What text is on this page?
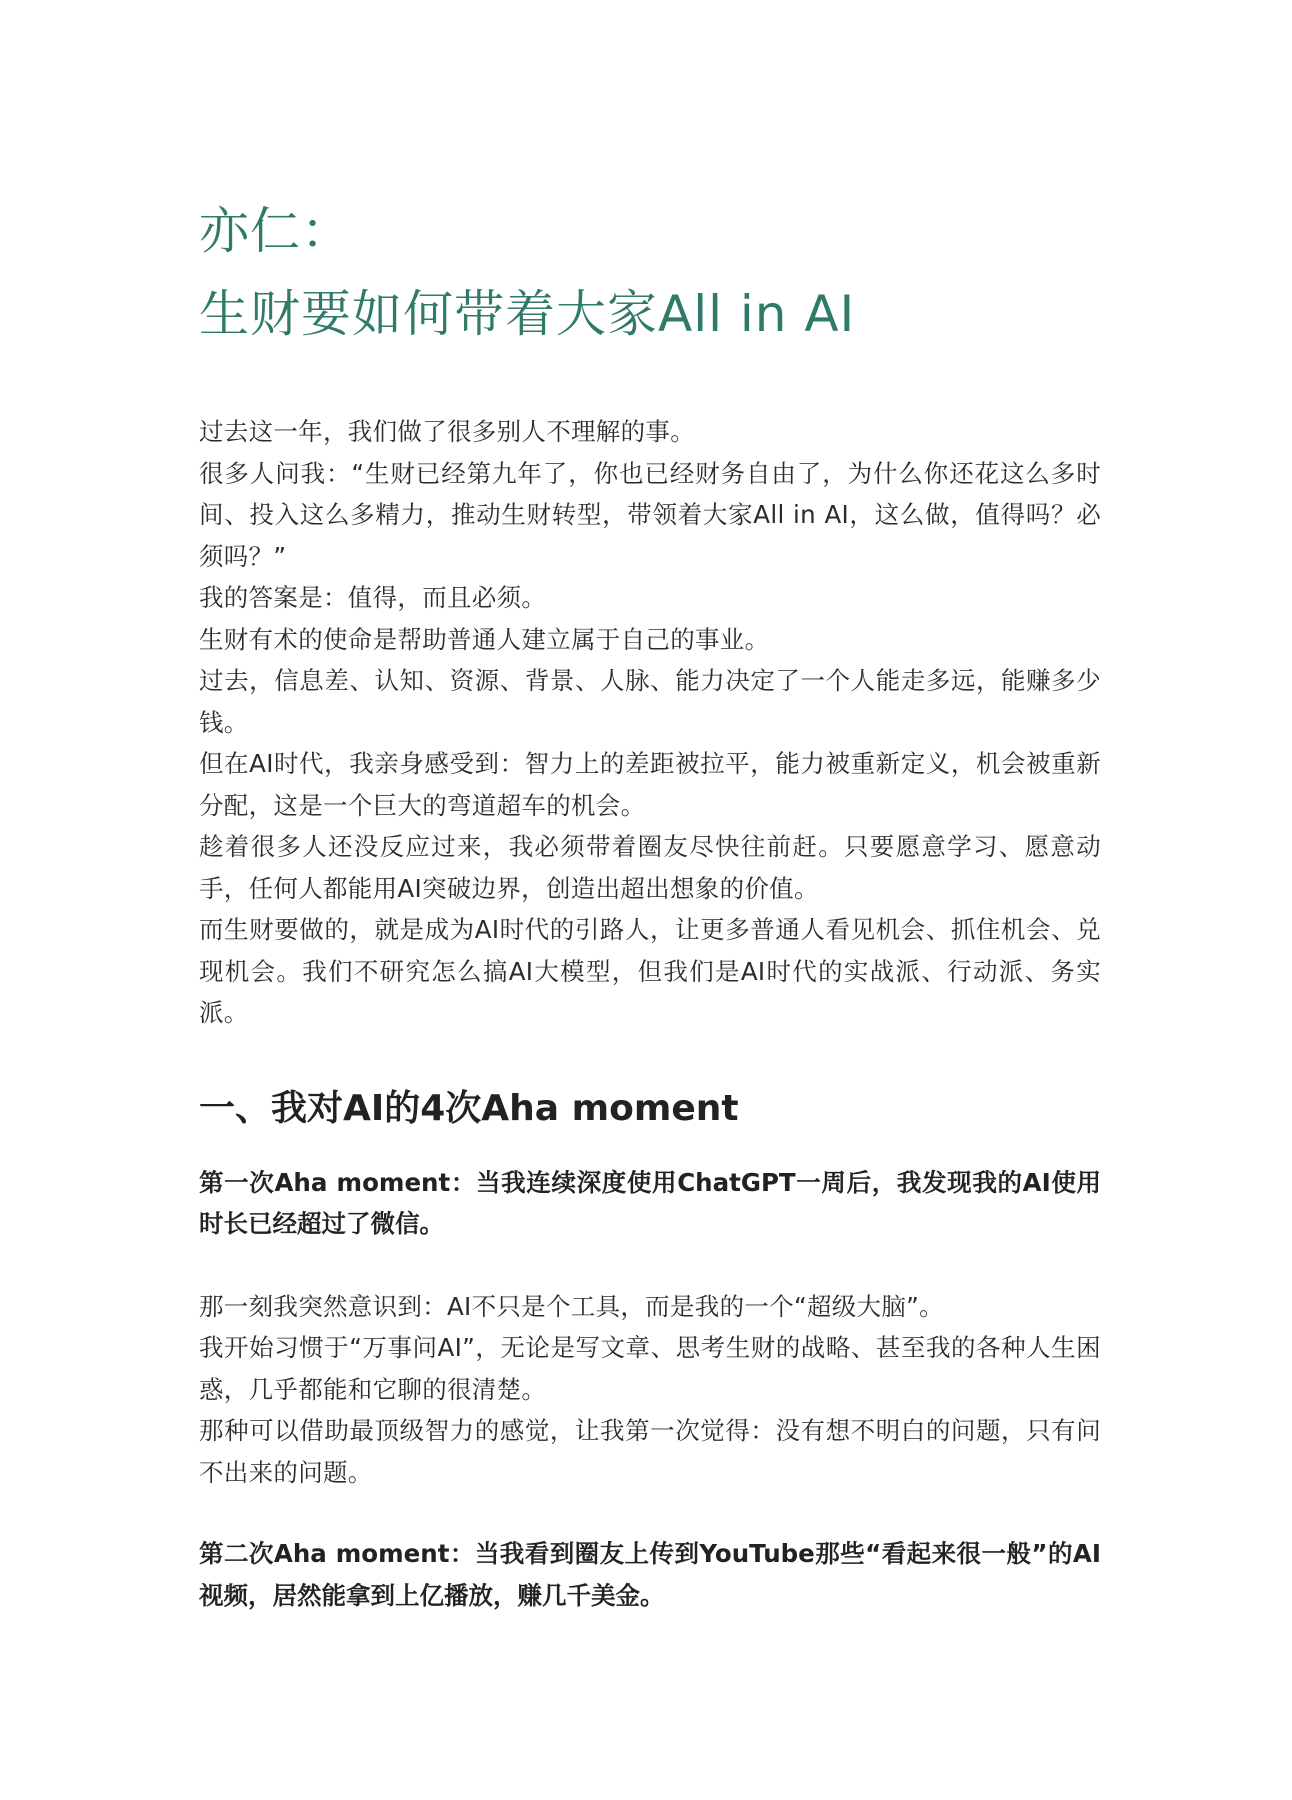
亦仁：
生财要如何带着大家All in AI

过去这一年，我们做了很多别人不理解的事。

很多人问我：“生财已经第九年了，你也已经财务自由了，为什么你还花这么多时间、投入这么多精力，推动生财转型，带领着大家All in AI，这么做，值得吗？必须吗？”

我的答案是：值得，而且必须。

生财有术的使命是帮助普通人建立属于自己的事业。

过去，信息差、认知、资源、背景、人脉、能力决定了一个人能走多远，能赚多少钱。

但在AI时代，我亲身感受到：智力上的差距被拉平，能力被重新定义，机会被重新分配，这是一个巨大的弯道超车的机会。

趁着很多人还没反应过来，我必须带着圈友尽快往前赶。只要愿意学习、愿意动手，任何人都能用AI突破边界，创造出超出想象的价值。

而生财要做的，就是成为AI时代的引路人，让更多普通人看见机会、抓住机会、兑现机会。我们不研究怎么搞AI大模型，但我们是AI时代的实战派、行动派、务实派。

一、我对AI的4次Aha moment

第一次Aha moment：当我连续深度使用ChatGPT一周后，我发现我的AI使用时长已经超过了微信。

那一刻我突然意识到：AI不只是个工具，而是我的一个“超级大脑”。

我开始习惯于“万事问AI”，无论是写文章、思考生财的战略、甚至我的各种人生困惑，几乎都能和它聊的很清楚。

那种可以借助最顶级智力的感觉，让我第一次觉得：没有想不明白的问题，只有问不出来的问题。

第二次Aha moment：当我看到圈友上传到YouTube那些“看起来很一般”的AI视频，居然能拿到上亿播放，赚几千美金。
